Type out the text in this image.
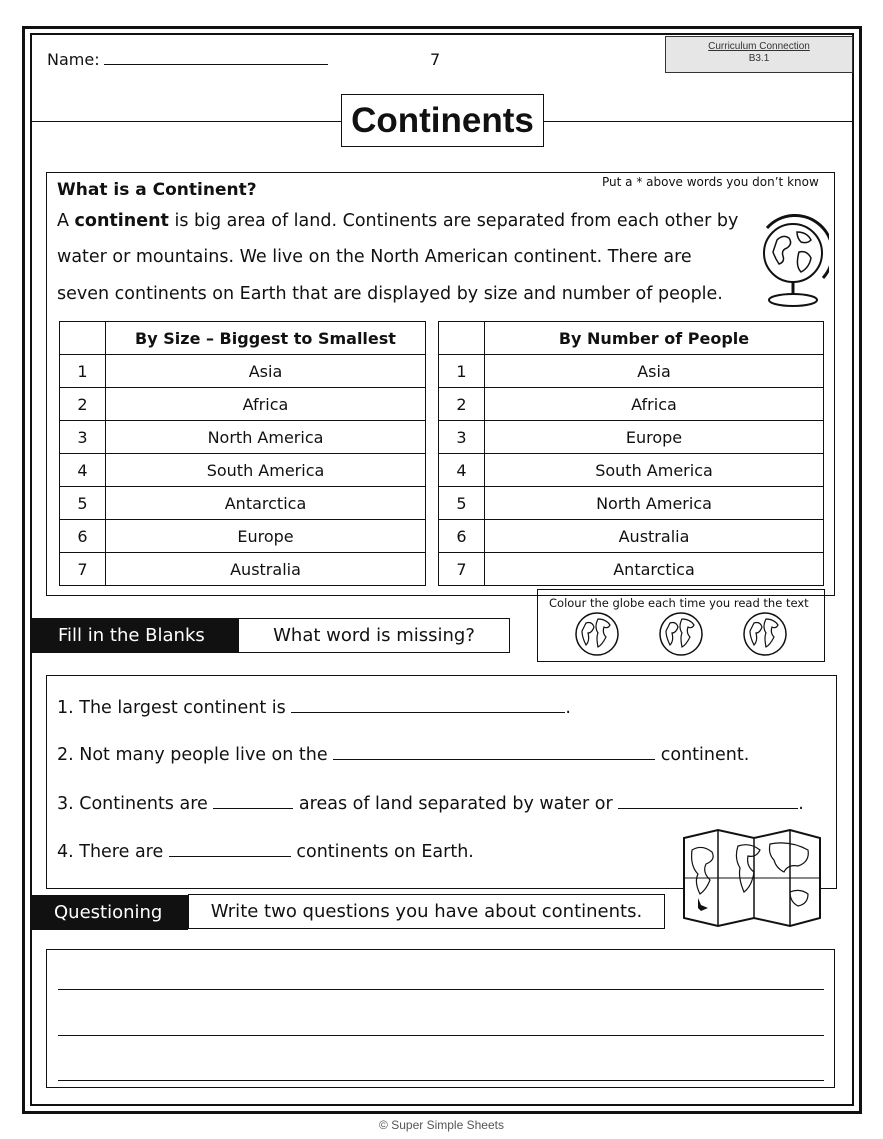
Name:	7
Curriculum Connection
B3.1
Continents
What is a Continent?	Put a * above words you don’t know
A continent is big area of land. Continents are separated from each other by
water or mountains. We live on the North American continent. There are
seven continents on Earth that are displayed by size and number of people.
	By Size – Biggest to Smallest
1	Asia
2	Africa
3	North America
4	South America
5	Antarctica
6	Europe
7	Australia
	By Number of People
1	Asia
2	Africa
3	Europe
4	South America
5	North America
6	Australia
7	Antarctica
Colour the globe each time you read the text
Fill in the Blanks	What word is missing?
1. The largest continent is	.
2. Not many people live on the	continent.
3. Continents are	areas of land separated by water or	.
4. There are	continents on Earth.
Questioning	Write two questions you have about continents.
© Super Simple Sheets
